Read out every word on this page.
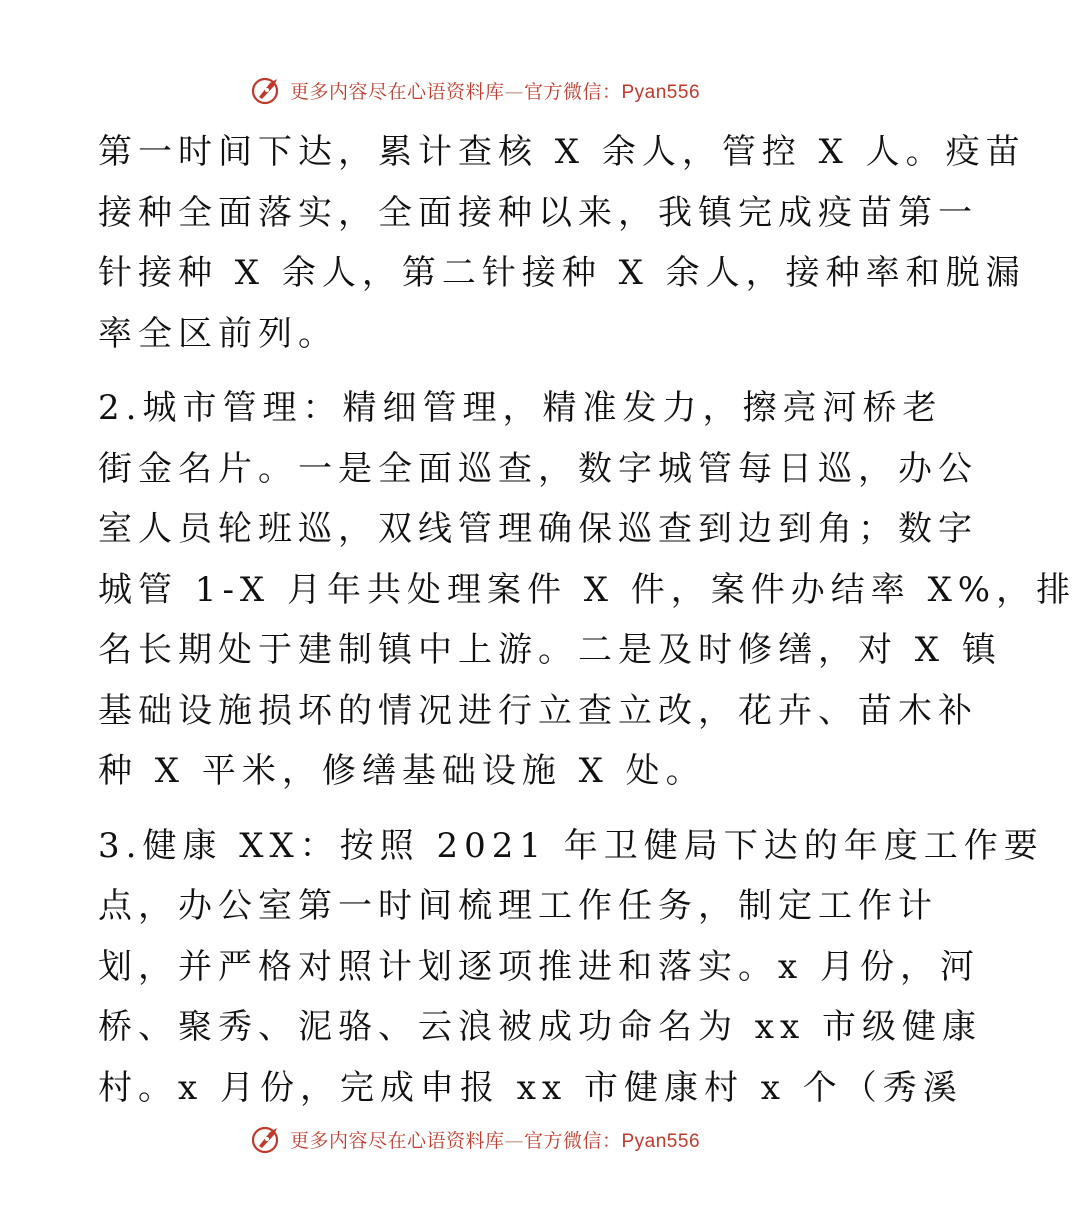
更多内容尽在心语资料库—官方微信：Pyan556
第一时间下达，累计查核 X 余人，管控 X 人。疫苗
接种全面落实，全面接种以来，我镇完成疫苗第一
针接种 X 余人，第二针接种 X 余人，接种率和脱漏
率全区前列。
2.城市管理：精细管理，精准发力，擦亮河桥老
街金名片。一是全面巡查，数字城管每日巡，办公
室人员轮班巡，双线管理确保巡查到边到角；数字
城管 1-X 月年共处理案件 X 件，案件办结率 X%，排
名长期处于建制镇中上游。二是及时修缮，对 X 镇
基础设施损坏的情况进行立查立改，花卉、苗木补
种 X 平米，修缮基础设施 X 处。
3.健康 XX：按照 2021 年卫健局下达的年度工作要
点，办公室第一时间梳理工作任务，制定工作计
划，并严格对照计划逐项推进和落实。x 月份，河
桥、聚秀、泥骆、云浪被成功命名为 xx 市级健康
村。x 月份，完成申报 xx 市健康村 x 个（秀溪
更多内容尽在心语资料库—官方微信：Pyan556
